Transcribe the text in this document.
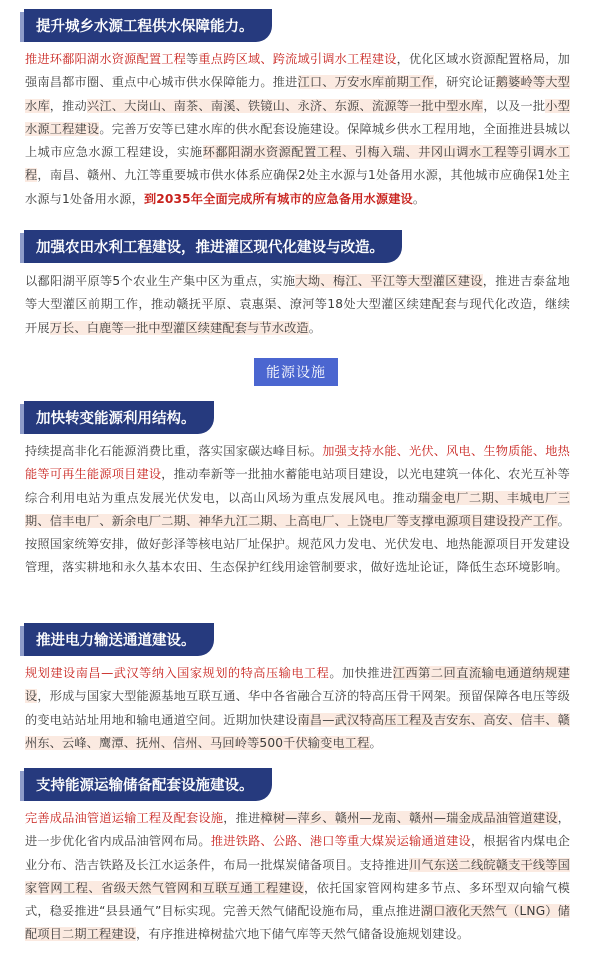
提升城乡水源工程供水保障能力。
推进环鄱阳湖水资源配置工程等重点跨区域、跨流域引调水工程建设，优化区域水资源配置格局，加强南昌都市圈、重点中心城市供水保障能力。推进江口、万安水库前期工作，研究论证鹅婆岭等大型水库，推动兴江、大岗山、南茶、南溪、铁镜山、永济、东源、流源等一批中型水库，以及一批小型水源工程建设。完善万安等已建水库的供水配套设施建设。保障城乡供水工程用地，全面推进县城以上城市应急水源工程建设，实施环鄱阳湖水资源配置工程、引梅入瑞、井冈山调水工程等引调水工程，南昌、赣州、九江等重要城市供水体系应确保2处主水源与1处备用水源，其他城市应确保1处主水源与1处备用水源，到2035年全面完成所有城市的应急备用水源建设。
加强农田水利工程建设，推进灌区现代化建设与改造。
以鄱阳湖平原等5个农业生产集中区为重点，实施大坳、梅江、平江等大型灌区建设，推进吉泰盆地等大型灌区前期工作，推动赣抚平原、袁惠渠、潦河等18处大型灌区续建配套与现代化改造，继续开展万长、白鹿等一批中型灌区续建配套与节水改造。
能源设施
加快转变能源利用结构。
持续提高非化石能源消费比重，落实国家碳达峰目标。加强支持水能、光伏、风电、生物质能、地热能等可再生能源项目建设，推动奉新等一批抽水蓄能电站项目建设，以光电建筑一体化、农光互补等综合利用电站为重点发展光伏发电，以高山风场为重点发展风电。推动瑞金电厂二期、丰城电厂三期、信丰电厂、新余电厂二期、神华九江二期、上高电厂、上饶电厂等支撑电源项目建设投产工作。按照国家统筹安排，做好彭泽等核电站厂址保护。规范风力发电、光伏发电、地热能源项目开发建设管理，落实耕地和永久基本农田、生态保护红线用途管制要求，做好选址论证，降低生态环境影响。
推进电力输送通道建设。
规划建设南昌—武汉等纳入国家规划的特高压输电工程。加快推进江西第二回直流输电通道纳规建设，形成与国家大型能源基地互联互通、华中各省融合互济的特高压骨干网架。预留保障各电压等级的变电站站址用地和输电通道空间。近期加快建设南昌—武汉特高压工程及吉安东、高安、信丰、赣州东、云峰、鹰潭、抚州、信州、马回岭等500千伏输变电工程。
支持能源运输储备配套设施建设。
完善成品油管道运输工程及配套设施，推进樟树—萍乡、赣州—龙南、赣州—瑞金成品油管道建设，进一步优化省内成品油管网布局。推进铁路、公路、港口等重大煤炭运输通道建设，根据省内煤电企业分布、浩吉铁路及长江水运条件，布局一批煤炭储备项目。支持推进川气东送二线皖赣支干线等国家管网工程、省级天然气管网和互联互通工程建设，依托国家管网构建多节点、多环型双向输气模式，稳妥推进“县县通气”目标实现。完善天然气储配设施布局，重点推进湖口液化天然气（LNG）储配项目二期工程建设，有序推进樟树盐穴地下储气库等天然气储备设施规划建设。
